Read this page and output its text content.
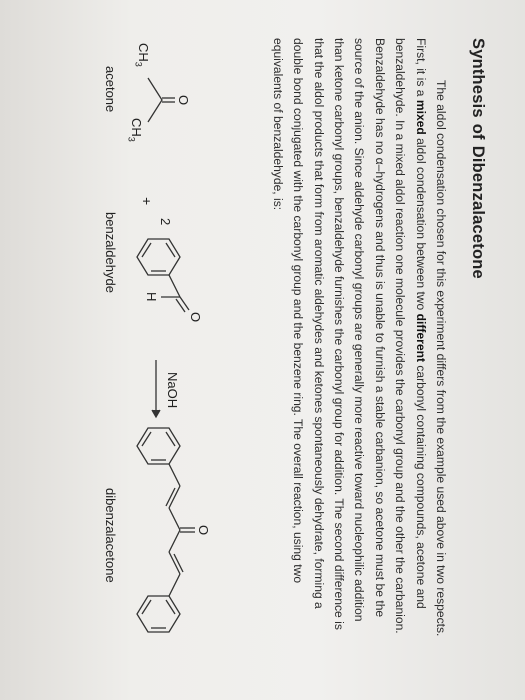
SynthesisofDibenzalacetone
The aldol condensation chosen for this experiment differs from the example used above in two respects. First, it is a mixed aldol condensation between two different carbonyl containing compounds, acetone and benzaldehyde. In a mixed aldol reaction one molecule provides the carbonyl group and the other the carbanion. Benzaldehyde has no α–hydrogens and thus is unable to furnish a stable carbanion, so acetone must be the source of the anion. Since aldehyde carbonyl groups are generally more reactive toward nucleophilic addition than ketone carbonyl groups, benzaldehyde furnishes the carbonyl group for addition. The second difference is that the aldol products that form from aromatic aldehydes and ketones spontaneously dehydrate, forming a double bond conjugated with the carbonyl group and the benzene ring. The overall reaction, using two equivalents of benzaldehyde, is:
O
$CH_3$
$CH_3$
acetone
+
2
O
H
benzaldehyde
NaOH
O
dibenzalacetone
